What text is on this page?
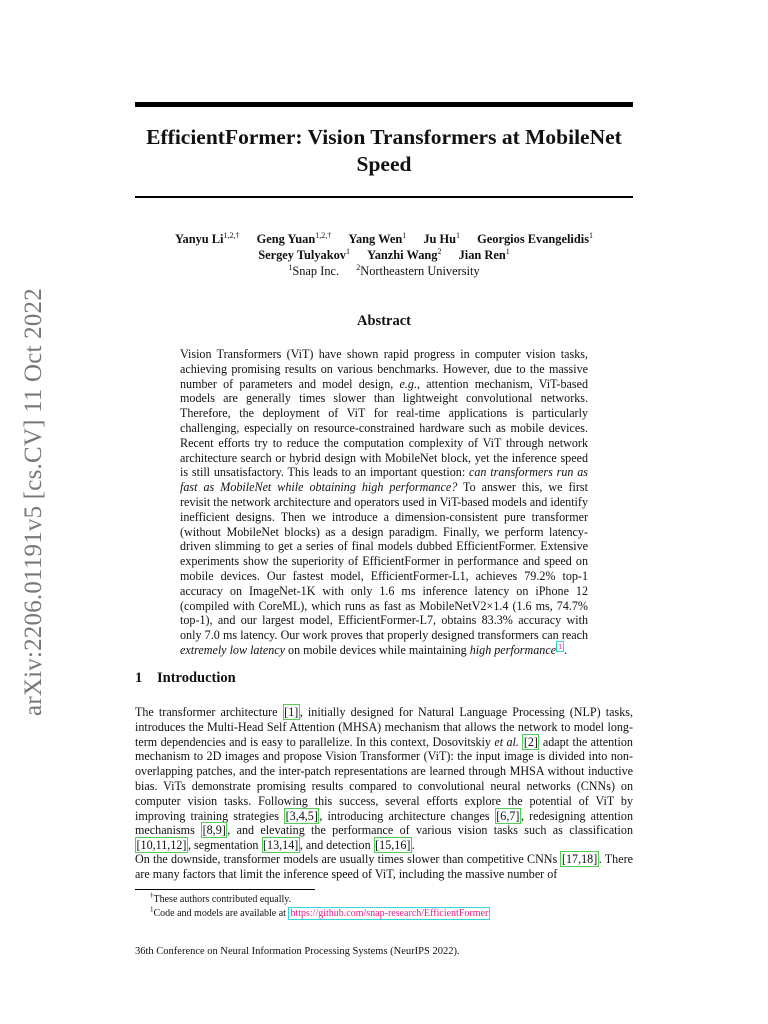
arXiv:2206.01191v5 [cs.CV] 11 Oct 2022
EfficientFormer: Vision Transformers at MobileNet
Speed
Yanyu $Li^{1,2,\dagger}$ Geng Yuan$^{1,2,\dagger}$ Yang Wen$^1$ Ju Hu$^1$ Georgios Evangelidis$^1$
Sergey Tulyakov$^1$ Yanzhi Wang$^2$ Jian Ren$^1$
$^1$Snap Inc. $^2$Northeastern University
Abstract
Vision Transformers (ViT) have shown rapid progress in computer vision tasks, achieving promising results on various benchmarks. However, due to the massive number of parameters and model design, e.g., attention mechanism, ViT-based models are generally times slower than lightweight convolutional networks. Therefore, the deployment of ViT for real-time applications is particularly challenging, especially on resource-constrained hardware such as mobile devices. Recent efforts try to reduce the computation complexity of ViT through network architecture search or hybrid design with MobileNet block, yet the inference speed is still unsatisfactory. This leads to an important question: can transformers run as fast as MobileNet while obtaining high performance? To answer this, we first revisit the network architecture and operators used in ViT-based models and identify inefficient designs. Then we introduce a dimension-consistent pure transformer (without MobileNet blocks) as a design paradigm. Finally, we perform latency-driven slimming to get a series of final models dubbed EfficientFormer. Extensive experiments show the superiority of EfficientFormer in performance and speed on mobile devices. Our fastest model, EfficientFormer-L1, achieves 79.2% top-1 accuracy on ImageNet-1K with only 1.6 ms inference latency on iPhone 12 (compiled with CoreML), which runs as fast as MobileNetV2×1.4 (1.6 ms, 74.7% top-1), and our largest model, EfficientFormer-L7, obtains 83.3% accuracy with only 7.0 ms latency. Our work proves that properly designed transformers can reach extremely low latency on mobile devices while maintaining high performance $^1$ .
1 Introduction
The transformer architecture [1] , initially designed for Natural Language Processing (NLP) tasks, introduces the Multi-Head Self Attention (MHSA) mechanism that allows the network to model long-term dependencies and is easy to parallelize. In this context, Dosovitskiy et al. [2] adapt the attention mechanism to 2D images and propose Vision Transformer (ViT): the input image is divided into non-overlapping patches, and the inter-patch representations are learned through MHSA without inductive bias. ViTs demonstrate promising results compared to convolutional neural networks (CNNs) on computer vision tasks. Following this success, several efforts explore the potential of ViT by improving training strategies [3,4,5] , introducing architecture changes [6,7] , redesigning attention mechanisms [8,9] , and elevating the performance of various vision tasks such as classification [10,11,12] , segmentation [13,14] , and detection [15,16] .
On the downside, transformer models are usually times slower than competitive CNNs [17,18] . There are many factors that limit the inference speed of ViT, including the massive number of
†These authors contributed equally.
$^1$Code and models are available at https://github.com/snap-research/EfficientFormer
36th Conference on Neural Information Processing Systems (NeurIPS 2022).
